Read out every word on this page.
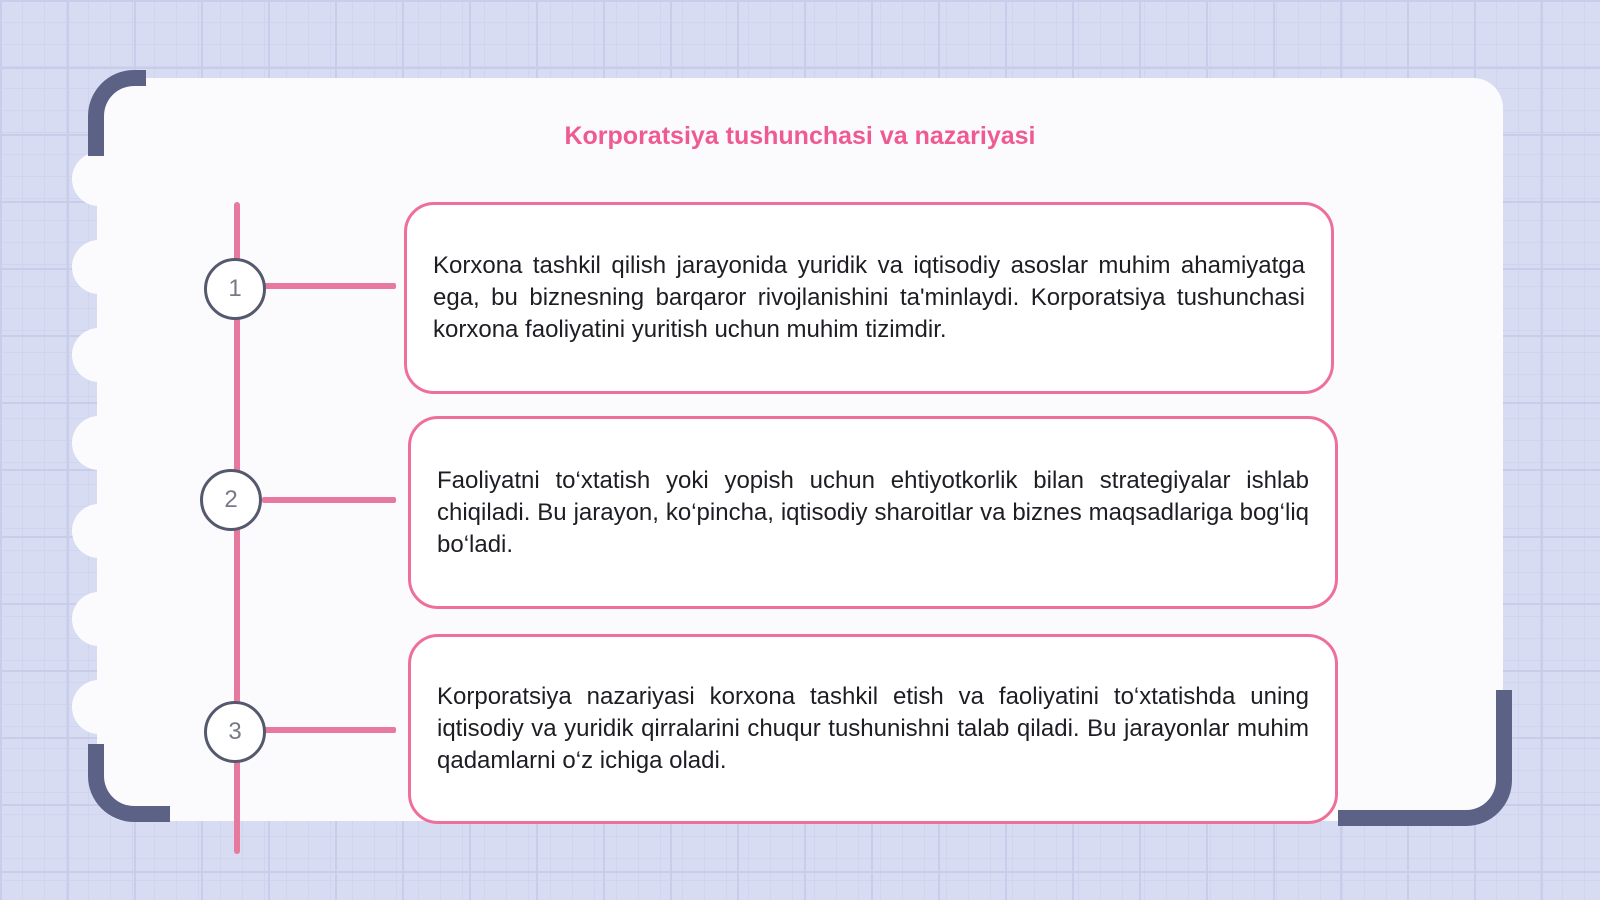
Korporatsiya tushunchasi va nazariyasi
1

Korxona tashkil qilish jarayonida yuridik va iqtisodiy asoslar muhim ahamiyatga ega, bu biznesning barqaror rivojlanishini ta'minlaydi. Korporatsiya tushunchasi korxona faoliyatini yuritish uchun muhim tizimdir.

2

Faoliyatni to‘xtatish yoki yopish uchun ehtiyotkorlik bilan strategiyalar ishlab chiqiladi. Bu jarayon, ko‘pincha, iqtisodiy sharoitlar va biznes maqsadlariga bog‘liq bo‘ladi.

3

Korporatsiya nazariyasi korxona tashkil etish va faoliyatini to‘xtatishda uning iqtisodiy va yuridik qirralarini chuqur tushunishni talab qiladi. Bu jarayonlar muhim qadamlarni o‘z ichiga oladi.
